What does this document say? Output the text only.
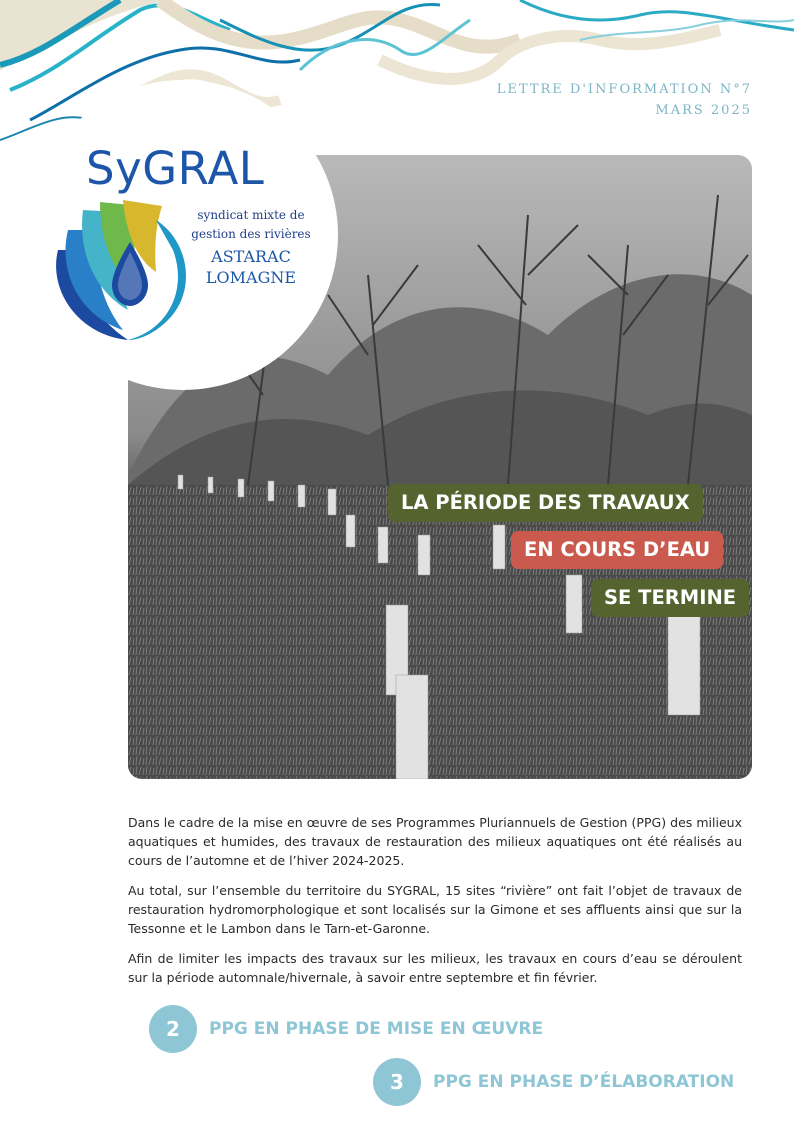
LETTRE D'INFORMATION N°7
MARS 2025
SyGRAL
syndicat mixte de
gestion des rivières
ASTARAC
LOMAGNE
LA PÉRIODE DES TRAVAUX
EN COURS D’EAU
SE TERMINE

Dans le cadre de la mise en œuvre de ses Programmes Pluriannuels de Gestion (PPG) des milieux aquatiques et humides, des travaux de restauration des milieux aquatiques ont été réalisés au cours de l’automne et de l’hiver 2024-2025.

Au total, sur l’ensemble du territoire du SYGRAL, 15 sites “rivière” ont fait l’objet de travaux de restauration hydromorphologique et sont localisés sur la Gimone et ses affluents ainsi que sur la Tessonne et le Lambon dans le Tarn-et-Garonne.

Afin de limiter les impacts des travaux sur les milieux, les travaux en cours d’eau se déroulent sur la période automnale/hivernale, à savoir entre septembre et fin février.

2	PPG EN PHASE DE MISE EN ŒUVRE
3	PPG EN PHASE D’ÉLABORATION
